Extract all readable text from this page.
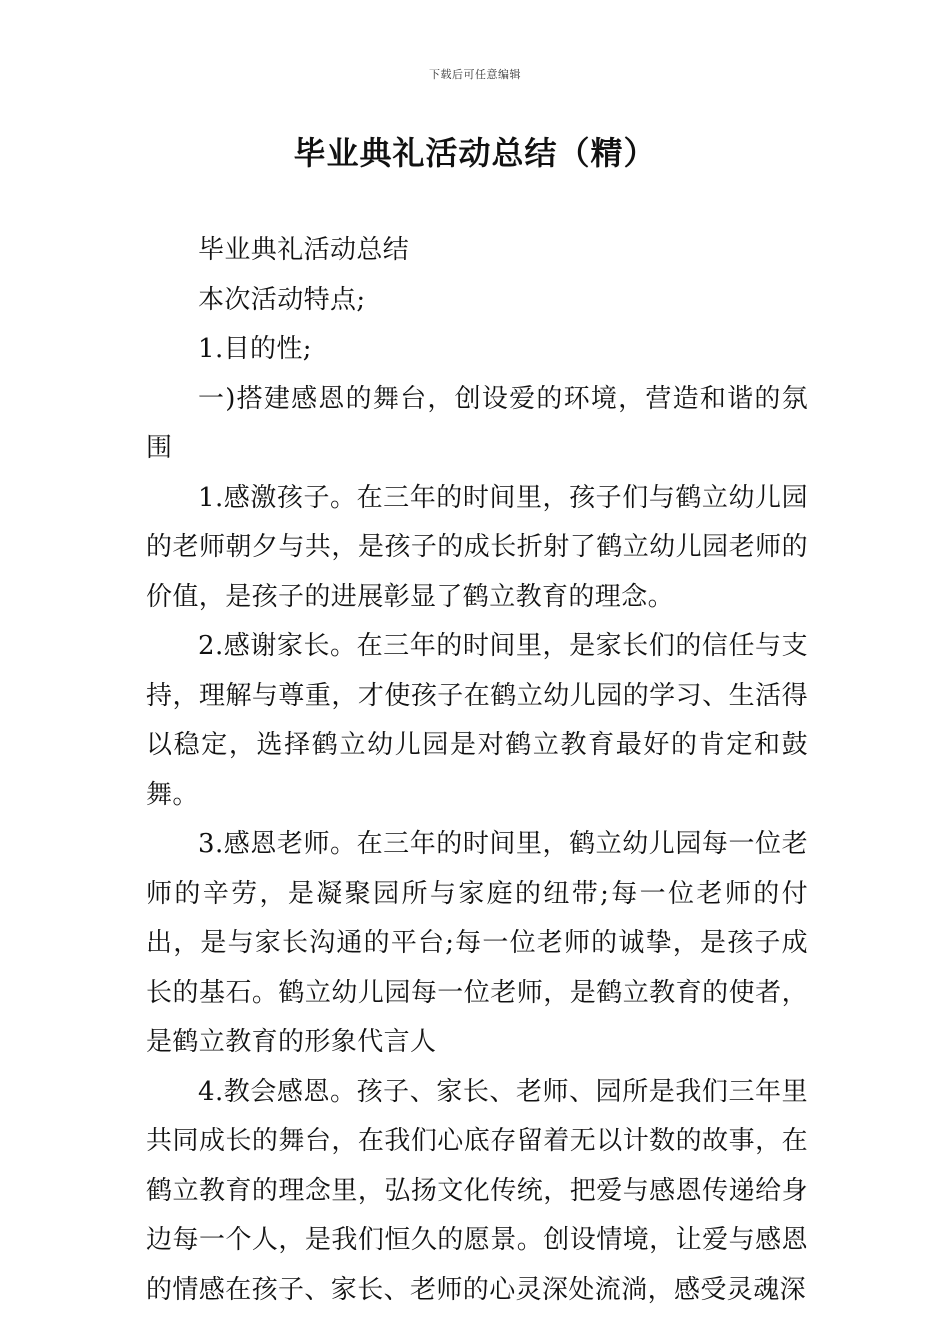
下载后可任意编辑
毕业典礼活动总结（精）

毕业典礼活动总结

本次活动特点;

1.目的性;

一)搭建感恩的舞台，创设爱的环境，营造和谐的氛围

1.感激孩子。在三年的时间里，孩子们与鹤立幼儿园的老师朝夕与共，是孩子的成长折射了鹤立幼儿园老师的价值，是孩子的进展彰显了鹤立教育的理念。

2.感谢家长。在三年的时间里，是家长们的信任与支持，理解与尊重，才使孩子在鹤立幼儿园的学习、生活得以稳定，选择鹤立幼儿园是对鹤立教育最好的肯定和鼓舞。

3.感恩老师。在三年的时间里，鹤立幼儿园每一位老师的辛劳，是凝聚园所与家庭的纽带;每一位老师的付出，是与家长沟通的平台;每一位老师的诚挚，是孩子成长的基石。鹤立幼儿园每一位老师，是鹤立教育的使者，是鹤立教育的形象代言人

4.教会感恩。孩子、家长、老师、园所是我们三年里共同成长的舞台，在我们心底存留着无以计数的故事，在鹤立教育的理念里，弘扬文化传统，把爱与感恩传递给身边每一个人，是我们恒久的愿景。创设情境，让爱与感恩的情感在孩子、家长、老师的心灵深处流淌，感受灵魂深
